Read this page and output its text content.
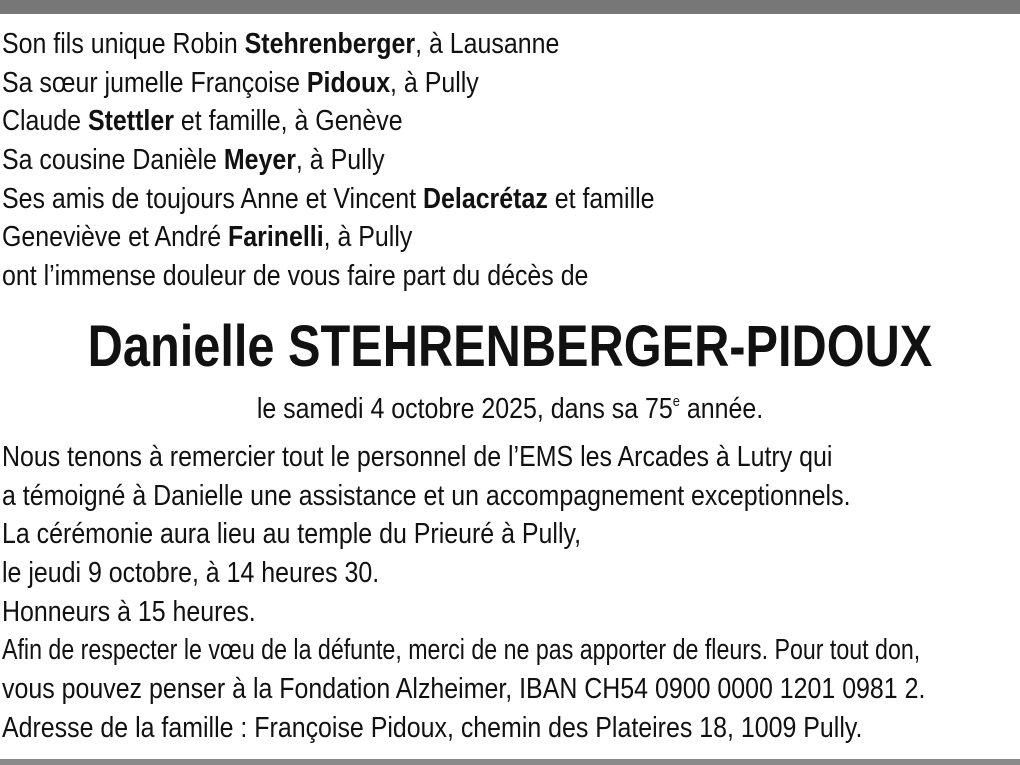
Son fils unique Robin Stehrenberger, à Lausanne
Sa sœur jumelle Françoise Pidoux, à Pully
Claude Stettler et famille, à Genève
Sa cousine Danièle Meyer, à Pully
Ses amis de toujours Anne et Vincent Delacrétaz et famille
Geneviève et André Farinelli, à Pully
ont l’immense douleur de vous faire part du décès de
Danielle STEHRENBERGER-PIDOUX
le samedi 4 octobre 2025, dans sa 75e année.
Nous tenons à remercier tout le personnel de l’EMS les Arcades à Lutry qui
a témoigné à Danielle une assistance et un accompagnement exceptionnels.
La cérémonie aura lieu au temple du Prieuré à Pully,
le jeudi 9 octobre, à 14 heures 30.
Honneurs à 15 heures.
Afin de respecter le vœu de la défunte, merci de ne pas apporter de fleurs. Pour tout don,
vous pouvez penser à la Fondation Alzheimer, IBAN CH54 0900 0000 1201 0981 2.
Adresse de la famille : Françoise Pidoux, chemin des Plateires 18, 1009 Pully.
